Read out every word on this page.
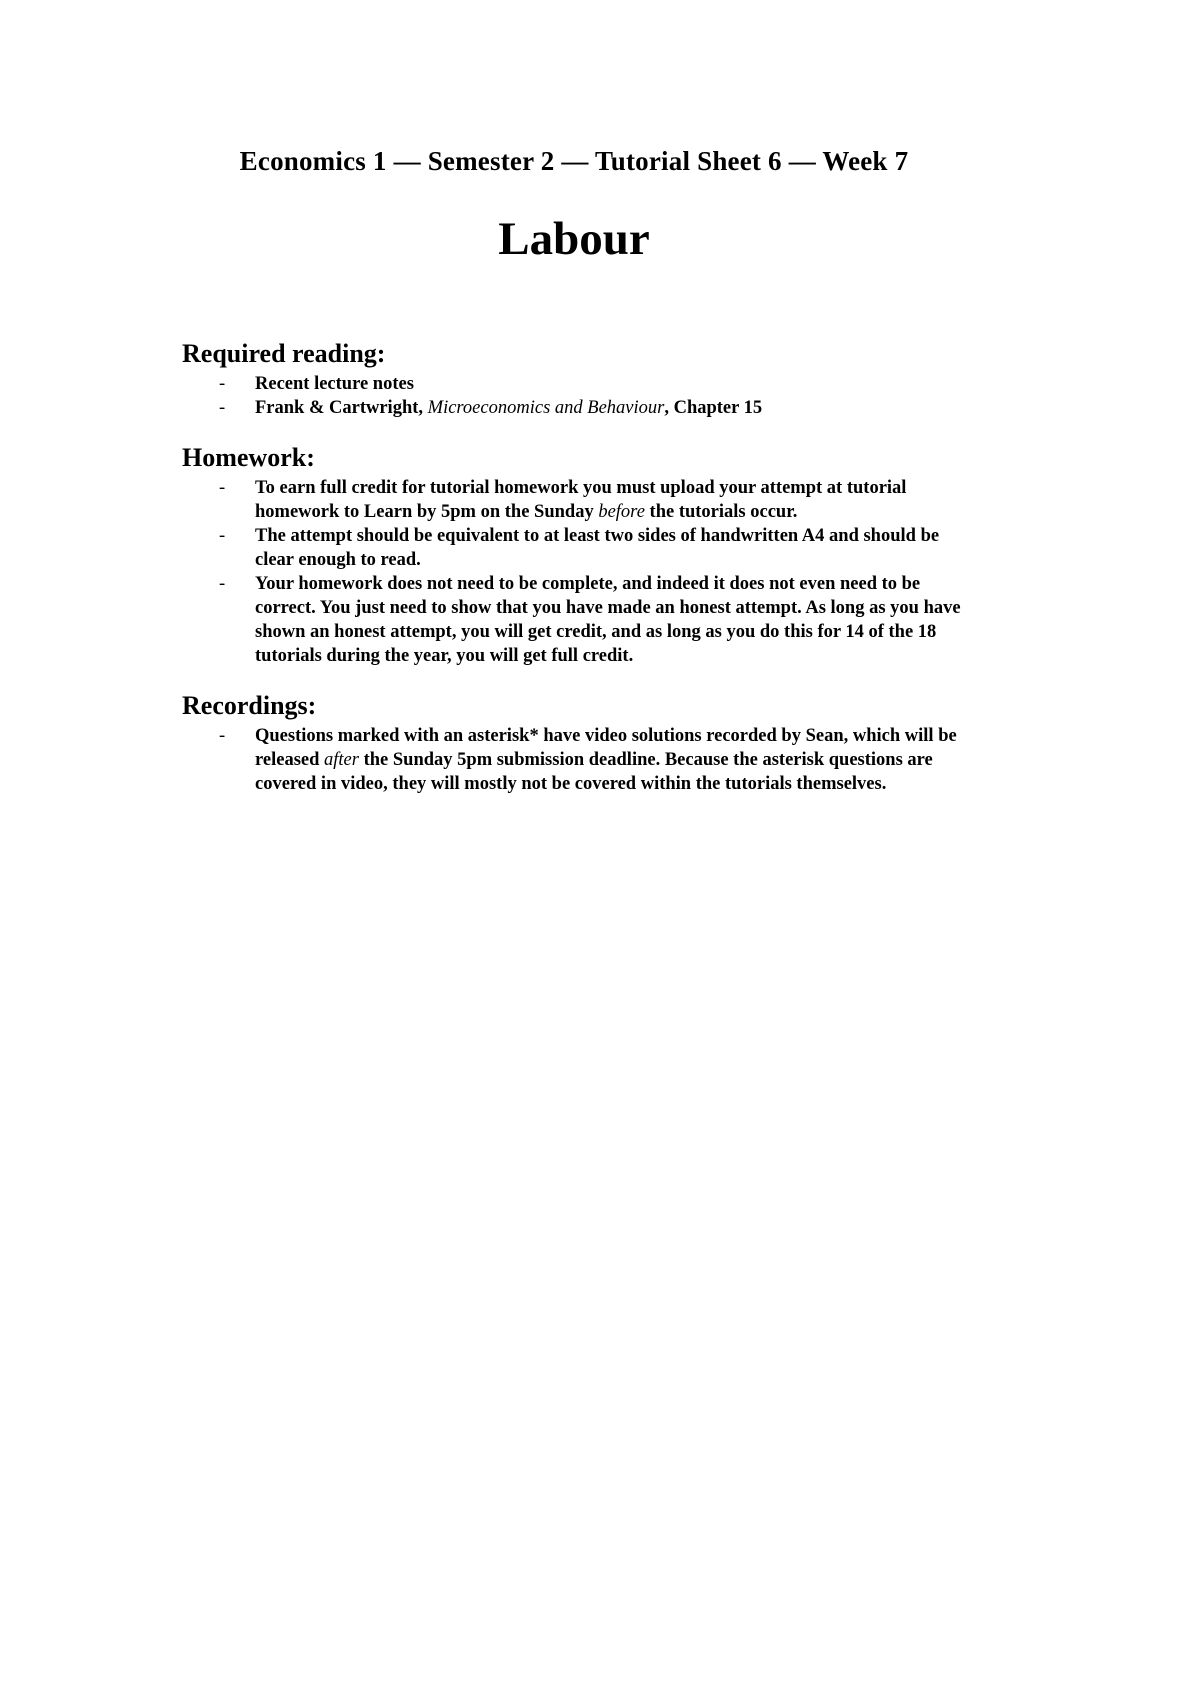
Economics 1 — Semester 2 — Tutorial Sheet 6 — Week 7
Labour
Required reading:
- Recent lecture notes
- Frank & Cartwright, Microeconomics and Behaviour, Chapter 15
Homework:
- To earn full credit for tutorial homework you must upload your attempt at tutorial homework to Learn by 5pm on the Sunday before the tutorials occur.
- The attempt should be equivalent to at least two sides of handwritten A4 and should be clear enough to read.
- Your homework does not need to be complete, and indeed it does not even need to be correct. You just need to show that you have made an honest attempt. As long as you have shown an honest attempt, you will get credit, and as long as you do this for 14 of the 18 tutorials during the year, you will get full credit.
Recordings:
- Questions marked with an asterisk* have video solutions recorded by Sean, which will be released after the Sunday 5pm submission deadline. Because the asterisk questions are covered in video, they will mostly not be covered within the tutorials themselves.
